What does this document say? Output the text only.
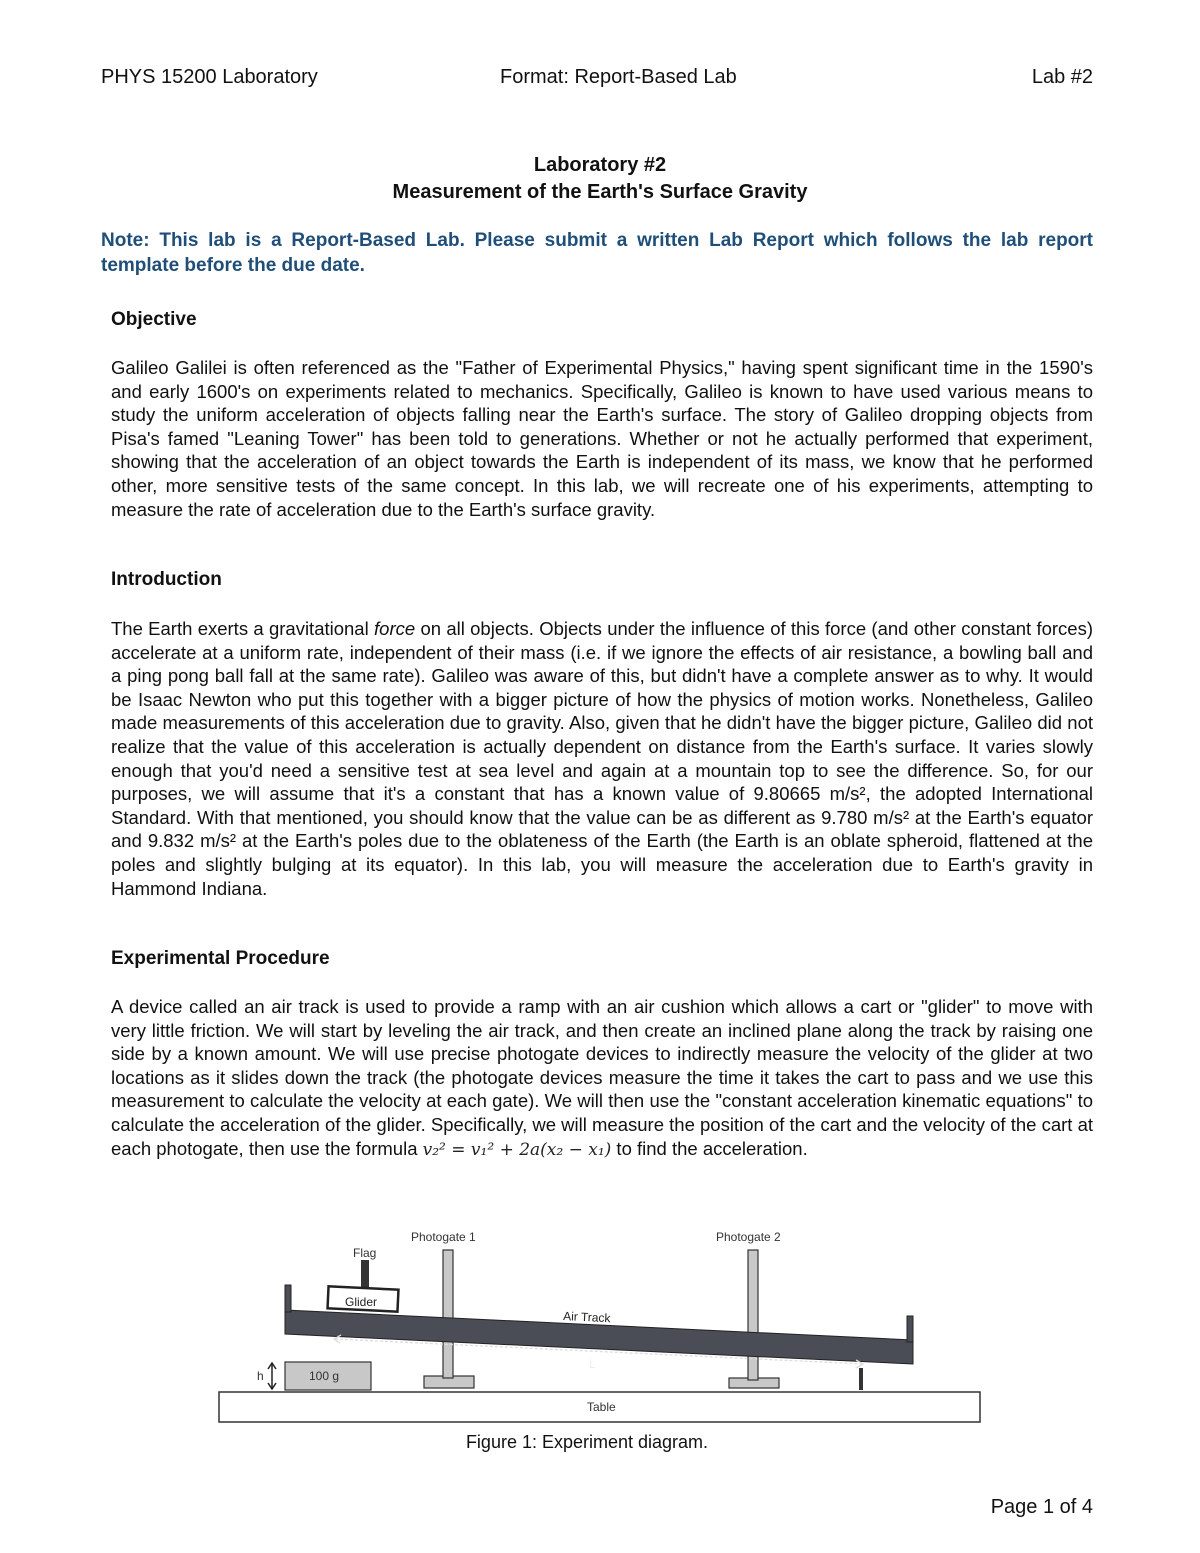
PHYS 15200 Laboratory	Format: Report-Based Lab	Lab #2
Laboratory #2
Measurement of the Earth's Surface Gravity
Note: This lab is a Report-Based Lab. Please submit a written Lab Report which follows the lab report template before the due date.
Objective
Galileo Galilei is often referenced as the "Father of Experimental Physics," having spent significant time in the 1590's and early 1600's on experiments related to mechanics. Specifically, Galileo is known to have used various means to study the uniform acceleration of objects falling near the Earth's surface. The story of Galileo dropping objects from Pisa's famed "Leaning Tower" has been told to generations. Whether or not he actually performed that experiment, showing that the acceleration of an object towards the Earth is independent of its mass, we know that he performed other, more sensitive tests of the same concept. In this lab, we will recreate one of his experiments, attempting to measure the rate of acceleration due to the Earth's surface gravity.
Introduction
The Earth exerts a gravitational force on all objects. Objects under the influence of this force (and other constant forces) accelerate at a uniform rate, independent of their mass (i.e. if we ignore the effects of air resistance, a bowling ball and a ping pong ball fall at the same rate). Galileo was aware of this, but didn't have a complete answer as to why. It would be Isaac Newton who put this together with a bigger picture of how the physics of motion works. Nonetheless, Galileo made measurements of this acceleration due to gravity. Also, given that he didn't have the bigger picture, Galileo did not realize that the value of this acceleration is actually dependent on distance from the Earth's surface. It varies slowly enough that you'd need a sensitive test at sea level and again at a mountain top to see the difference. So, for our purposes, we will assume that it's a constant that has a known value of 9.80665 m/s², the adopted International Standard. With that mentioned, you should know that the value can be as different as 9.780 m/s² at the Earth's equator and 9.832 m/s² at the Earth's poles due to the oblateness of the Earth (the Earth is an oblate spheroid, flattened at the poles and slightly bulging at its equator). In this lab, you will measure the acceleration due to Earth's gravity in Hammond Indiana.
Experimental Procedure
A device called an air track is used to provide a ramp with an air cushion which allows a cart or "glider" to move with very little friction. We will start by leveling the air track, and then create an inclined plane along the track by raising one side by a known amount. We will use precise photogate devices to indirectly measure the velocity of the glider at two locations as it slides down the track (the photogate devices measure the time it takes the cart to pass and we use this measurement to calculate the velocity at each gate). We will then use the "constant acceleration kinematic equations" to calculate the acceleration of the glider. Specifically, we will measure the position of the cart and the velocity of the cart at each photogate, then use the formula v₂² = v₁² + 2a(x₂ − x₁) to find the acceleration.
Table
100 g
h
Air Track
L
Glider
Flag
Photogate 1	Photogate 2
Figure 1: Experiment diagram.
Page 1 of 4
